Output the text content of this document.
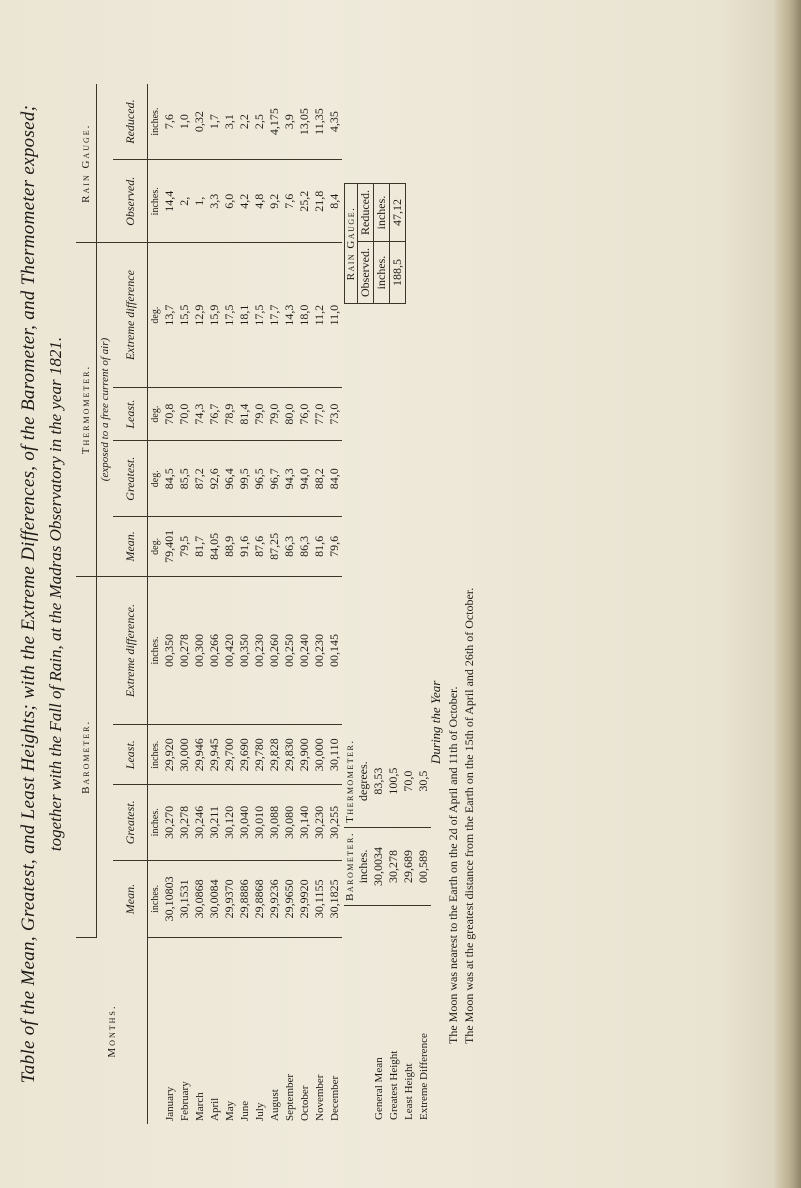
Table of the Mean, Greatest, and Least Heights; with the Extreme Differences, of the Barometer, and Thermometer exposed; together with the Fall of Rain, at the Madras Observatory in the year 1821.
Months.	Barometer.				Thermometer.				Rain Gauge.	
					(exposed to a free current of air)					
	Mean.	Greatest.	Least.	Extreme difference.	Mean.	Greatest.	Least.	Extreme difference	Observed.	Reduced.
	inches.	inches.	inches.	inches.	deg.	deg.	deg.	deg.	inches.	inches.
January	30,10803	30,270	29,920	00,350	79,401	84,5	70,8	13,7	14,4	7,6
February	30,1531	30,278	30,000	00,278	79,5	85,5	70,0	15,5	2,	1,0
March	30,0868	30,246	29,946	00,300	81,7	87,2	74,3	12,9	1,	0,32
April	30,0084	30,211	29,945	00,266	84,05	92,6	76,7	15,9	3,3	1,7
May	29,9370	30,120	29,700	00,420	88,9	96,4	78,9	17,5	6,0	3,1
June	29,8886	30,040	29,690	00,350	91,6	99,5	81,4	18,1	4,2	2,2
July	29,8868	30,010	29,780	00,230	87,6	96,5	79,0	17,5	4,8	2,5
August	29,9236	30,088	29,828	00,260	87,25	96,7	79,0	17,7	9,2	4,175
September	29,9650	30,080	29,830	00,250	86,3	94,3	80,0	14,3	7,6	3,9
October	29,9920	30,140	29,900	00,240	86,3	94,0	76,0	18,0	25,2	13,05
November	30,1155	30,230	30,000	00,230	81,6	88,2	77,0	11,2	21,8	11,35
December	30,1825	30,255	30,110	00,145	79,6	84,0	73,0	11,0	8,4	4,35
	Barometer.	Thermometer.
	inches.	degrees.
General Mean	30,0034	83,53
Greatest Height	30,278	100,5
Least Height	29,689	70,0
Extreme Difference	00,589	30,5
Rain Gauge.	
Observed.	Reduced.
inches.	inches.
188,5	47,12
During the Year The Moon was nearest to the Earth on the 2d of April and 11th of October. The Moon was at the greatest distance from the Earth on the 15th of April and 26th of October.
